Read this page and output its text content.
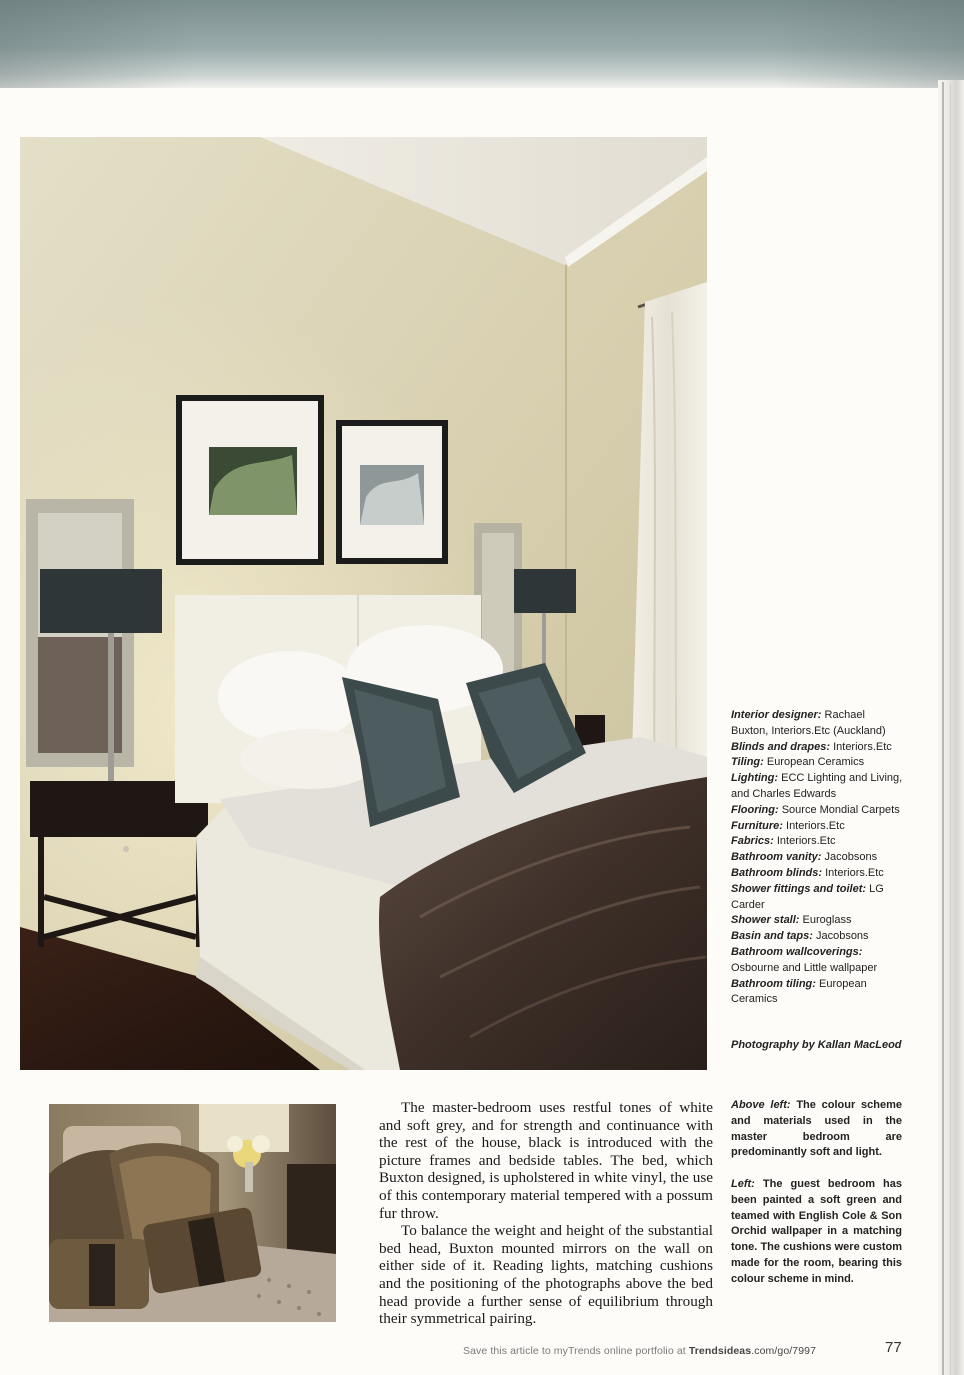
Interior designer: Rachael Buxton, Interiors.Etc (Auckland)
Blinds and drapes: Interiors.Etc
Tiling: European Ceramics
Lighting: ECC Lighting and Living, and Charles Edwards
Flooring: Source Mondial Carpets
Furniture: Interiors.Etc
Fabrics: Interiors.Etc
Bathroom vanity: Jacobsons
Bathroom blinds: Interiors.Etc
Shower fittings and toilet: LG Carder
Shower stall: Euroglass
Basin and taps: Jacobsons
Bathroom wallcoverings: Osbourne and Little wallpaper
Bathroom tiling: European Ceramics
Photography by Kallan MacLeod

The master-bedroom uses restful tones of white and soft grey, and for strength and continuance with the rest of the house, black is introduced with the picture frames and bedside tables. The bed, which Buxton designed, is upholstered in white vinyl, the use of this contemporary material tempered with a possum fur throw.

To balance the weight and height of the substantial bed head, Buxton mounted mirrors on the wall on either side of it. Reading lights, matching cushions and the positioning of the photographs above the bed head provide a further sense of equilibrium through their symmetrical pairing.

Above left: The colour scheme and materials used in the master bedroom are predominantly soft and light.
Left: The guest bedroom has been painted a soft green and teamed with English Cole & Son Orchid wallpaper in a matching tone. The cushions were custom made for the room, bearing this colour scheme in mind.
Save this article to myTrends online portfolio at Trendsideas.com/go/7997	77
